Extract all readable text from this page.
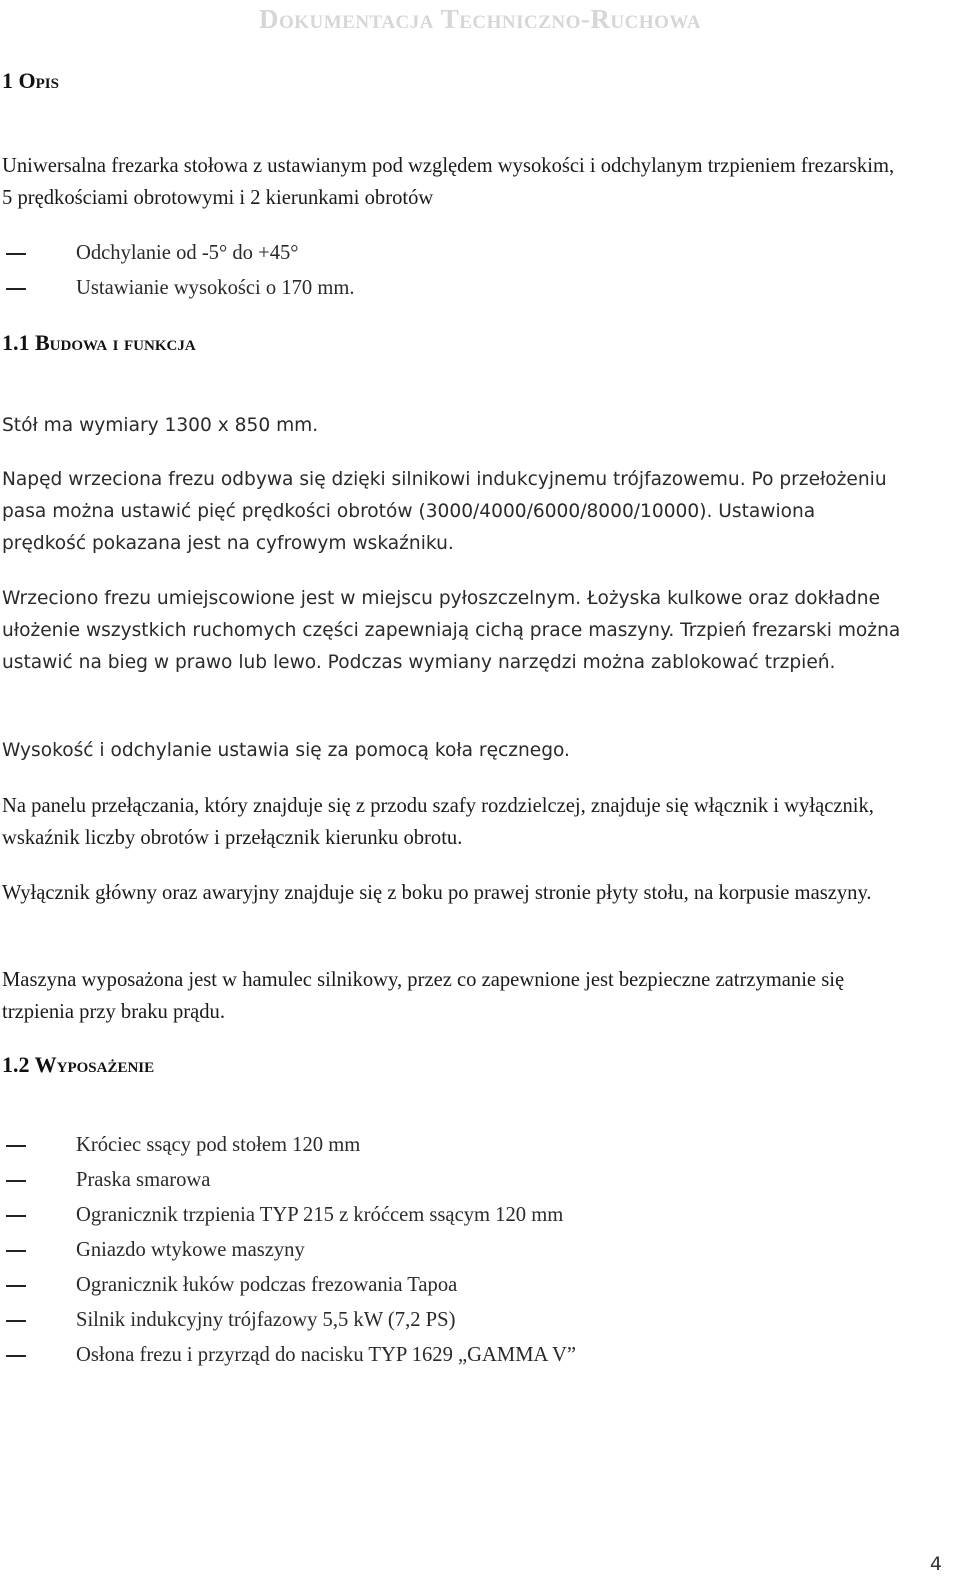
Dokumentacja Techniczno-Ruchowa
1 Opis
Uniwersalna frezarka stołowa z ustawianym pod względem wysokości i odchylanym trzpieniem frezarskim, 5 prędkościami obrotowymi i 2 kierunkami obrotów
Odchylanie od -5° do +45°
Ustawianie wysokości o 170 mm.
1.1 Budowa i funkcja
Stół ma wymiary 1300 x 850 mm.
Napęd wrzeciona frezu odbywa się dzięki silnikowi indukcyjnemu trójfazowemu. Po przełożeniu pasa można ustawić pięć prędkości obrotów (3000/4000/6000/8000/10000). Ustawiona prędkość pokazana jest na cyfrowym wskaźniku.
Wrzeciono frezu umiejscowione jest w miejscu pyłoszczelnym. Łożyska kulkowe oraz dokładne ułożenie wszystkich ruchomych części zapewniają cichą prace maszyny. Trzpień frezarski można ustawić na bieg w prawo lub lewo. Podczas wymiany narzędzi można zablokować trzpień.
Wysokość i odchylanie ustawia się za pomocą koła ręcznego.
Na panelu przełączania, który znajduje się z przodu szafy rozdzielczej, znajduje się włącznik i wyłącznik, wskaźnik liczby obrotów i przełącznik kierunku obrotu.
Wyłącznik główny oraz awaryjny znajduje się z boku po prawej stronie płyty stołu, na korpusie maszyny.
Maszyna wyposażona jest w hamulec silnikowy, przez co zapewnione jest bezpieczne zatrzymanie się trzpienia przy braku prądu.
1.2 Wyposażenie
Króciec ssący pod stołem 120 mm
Praska smarowa
Ogranicznik trzpienia TYP 215 z króćcem ssącym 120 mm
Gniazdo wtykowe maszyny
Ogranicznik łuków podczas frezowania Tapoa
Silnik indukcyjny trójfazowy 5,5 kW (7,2 PS)
Osłona frezu i przyrząd do nacisku TYP 1629 „GAMMA V”
4
